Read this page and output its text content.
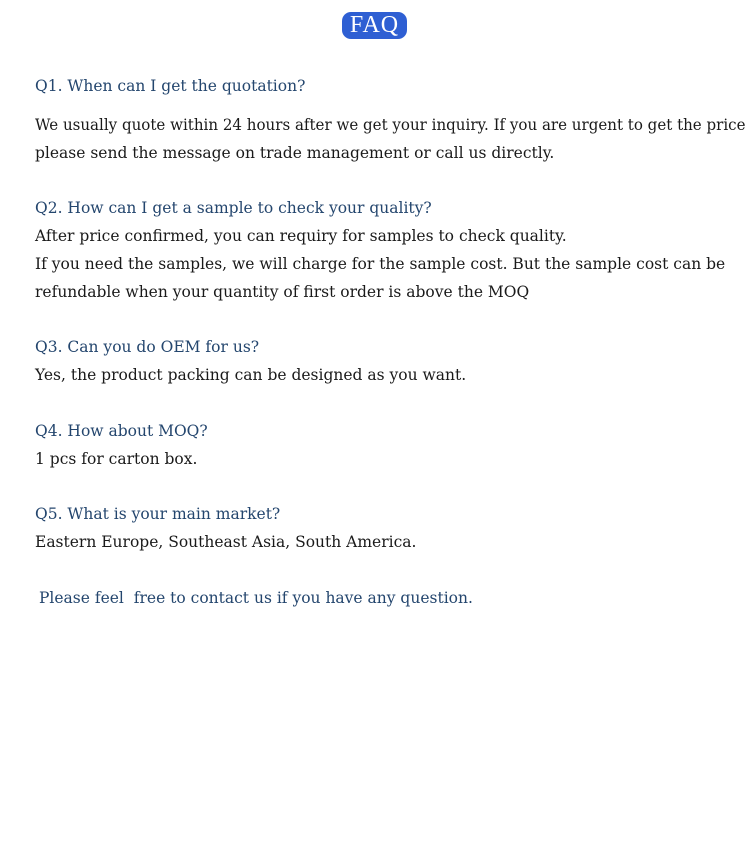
FAQ
Q1. When can I get the quotation?
We usually quote within 24 hours after we get your inquiry. If you are urgent to get the price
please send the message on trade management or call us directly.
Q2. How can I get a sample to check your quality?
After price confirmed, you can requiry for samples to check quality.
If you need the samples, we will charge for the sample cost. But the sample cost can be
refundable when your quantity of first order is above the MOQ
Q3. Can you do OEM for us?
Yes, the product packing can be designed as you want.
Q4. How about MOQ?
1 pcs for carton box.
Q5. What is your main market?
Eastern Europe, Southeast Asia, South America.
Please feel  free to contact us if you have any question.
